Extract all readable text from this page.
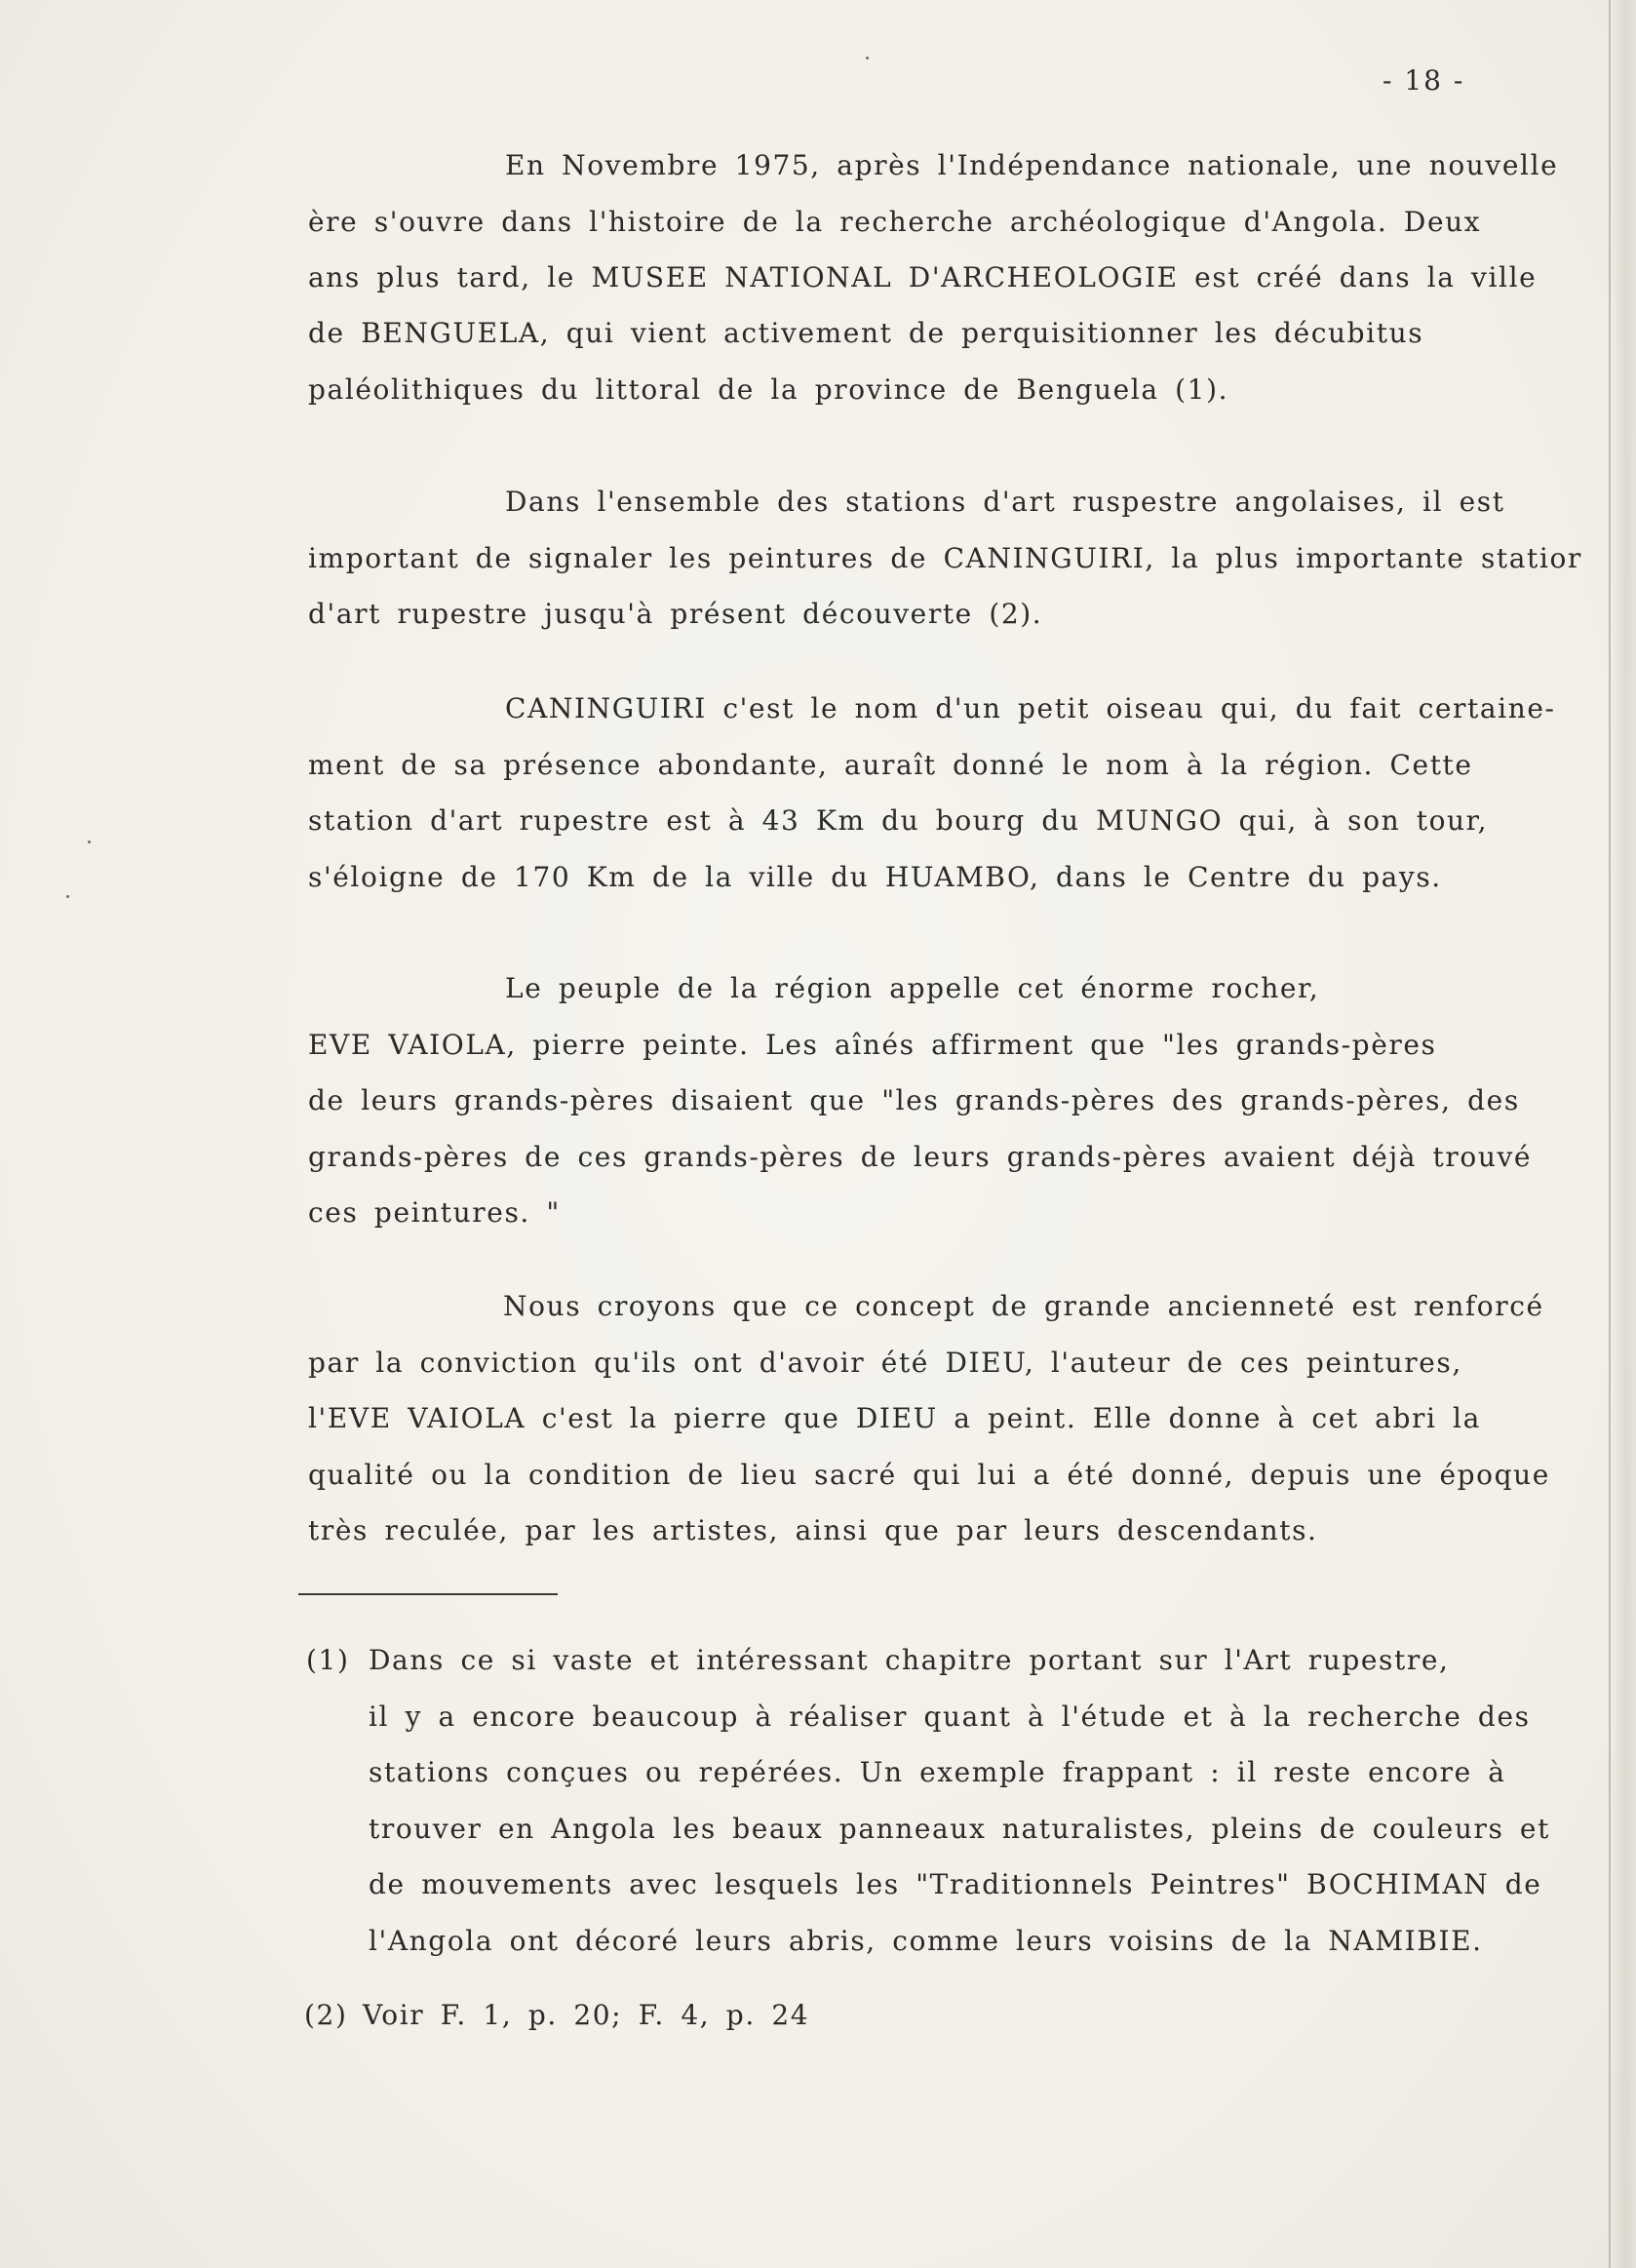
- 18 -
En Novembre 1975, après l'Indépendance nationale, une nouvelle
ère s'ouvre dans l'histoire de la recherche archéologique d'Angola. Deux
ans plus tard, le MUSEE NATIONAL D'ARCHEOLOGIE est créé dans la ville
de BENGUELA, qui vient activement de perquisitionner les décubitus
paléolithiques du littoral de la province de Benguela (1).
Dans l'ensemble des stations d'art ruspestre angolaises, il est
important de signaler les peintures de CANINGUIRI, la plus importante statior
d'art rupestre jusqu'à présent découverte (2).
CANINGUIRI c'est le nom d'un petit oiseau qui, du fait certaine-
ment de sa présence abondante, auraît donné le nom à la région. Cette
station d'art rupestre est à 43 Km du bourg du MUNGO qui, à son tour,
s'éloigne de 170 Km de la ville du HUAMBO, dans le Centre du pays.
Le peuple de la région appelle cet énorme rocher,
EVE VAIOLA, pierre peinte. Les aînés affirment que "les grands-pères
de leurs grands-pères disaient que "les grands-pères des grands-pères, des
grands-pères de ces grands-pères de leurs grands-pères avaient déjà trouvé
ces peintures. "
Nous croyons que ce concept de grande ancienneté est renforcé
par la conviction qu'ils ont d'avoir été DIEU, l'auteur de ces peintures,
l'EVE VAIOLA c'est la pierre que DIEU a peint. Elle donne à cet abri la
qualité ou la condition de lieu sacré qui lui a été donné, depuis une époque
très reculée, par les artistes, ainsi que par leurs descendants.
(1) Dans ce si vaste et intéressant chapitre portant sur l'Art rupestre,
il y a encore beaucoup à réaliser quant à l'étude et à la recherche des
stations conçues ou repérées. Un exemple frappant : il reste encore à
trouver en Angola les beaux panneaux naturalistes, pleins de couleurs et
de mouvements avec lesquels les "Traditionnels Peintres" BOCHIMAN de
l'Angola ont décoré leurs abris, comme leurs voisins de la NAMIBIE.
(2) Voir F. 1, p. 20; F. 4, p. 24
